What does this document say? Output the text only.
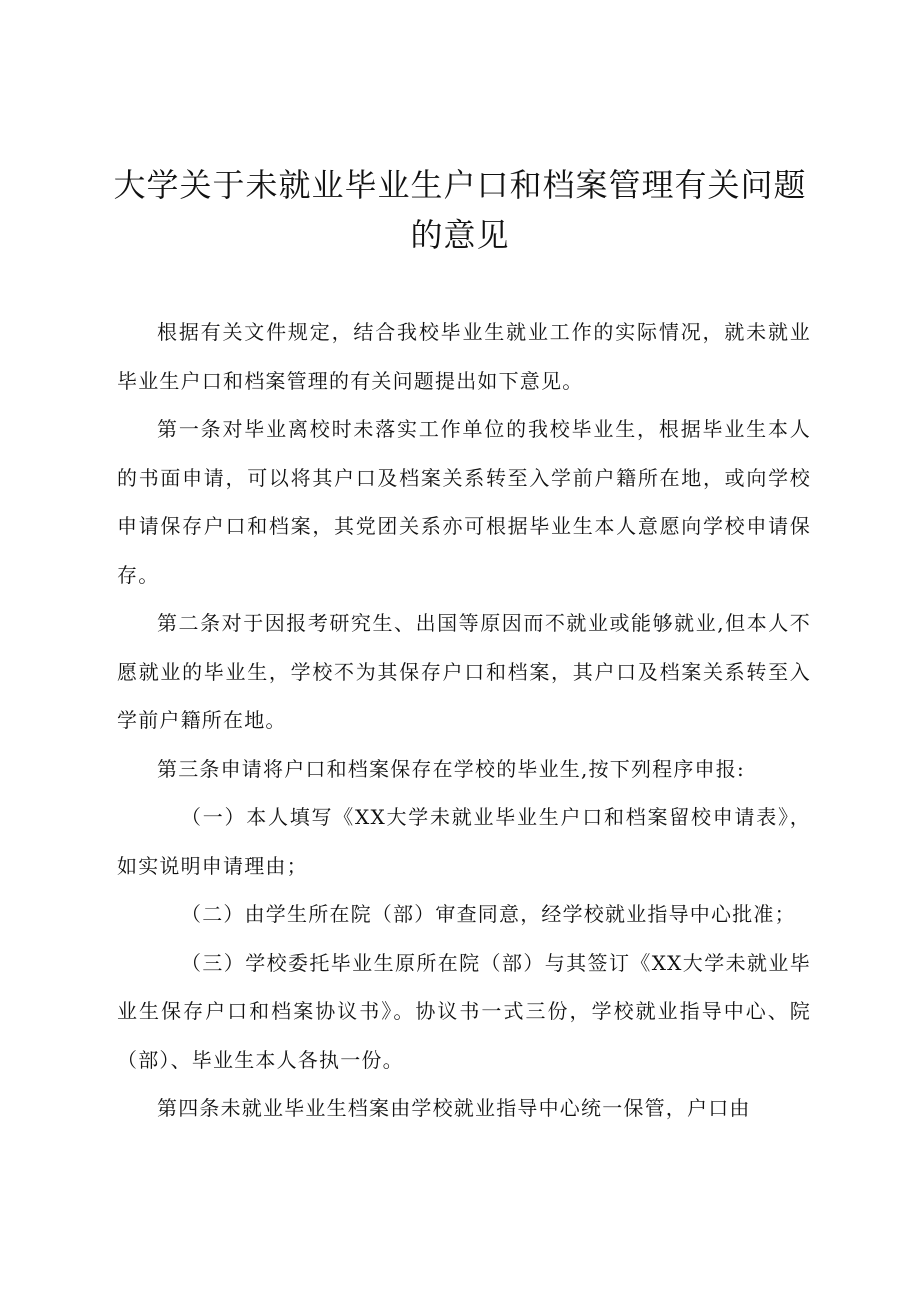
大学关于未就业毕业生户口和档案管理有关问题的意见

根据有关文件规定，结合我校毕业生就业工作的实际情况，就未就业毕业生户口和档案管理的有关问题提出如下意见。

第一条对毕业离校时未落实工作单位的我校毕业生，根据毕业生本人的书面申请，可以将其户口及档案关系转至入学前户籍所在地，或向学校申请保存户口和档案，其党团关系亦可根据毕业生本人意愿向学校申请保存。

第二条对于因报考研究生、出国等原因而不就业或能够就业,但本人不愿就业的毕业生，学校不为其保存户口和档案，其户口及档案关系转至入学前户籍所在地。

第三条申请将户口和档案保存在学校的毕业生,按下列程序申报:

（一）本人填写《XX大学未就业毕业生户口和档案留校申请表》，如实说明申请理由；

（二）由学生所在院（部）审查同意，经学校就业指导中心批准；

（三）学校委托毕业生原所在院（部）与其签订《XX大学未就业毕业生保存户口和档案协议书》。协议书一式三份，学校就业指导中心、院（部）、毕业生本人各执一份。

第四条未就业毕业生档案由学校就业指导中心统一保管，户口由
